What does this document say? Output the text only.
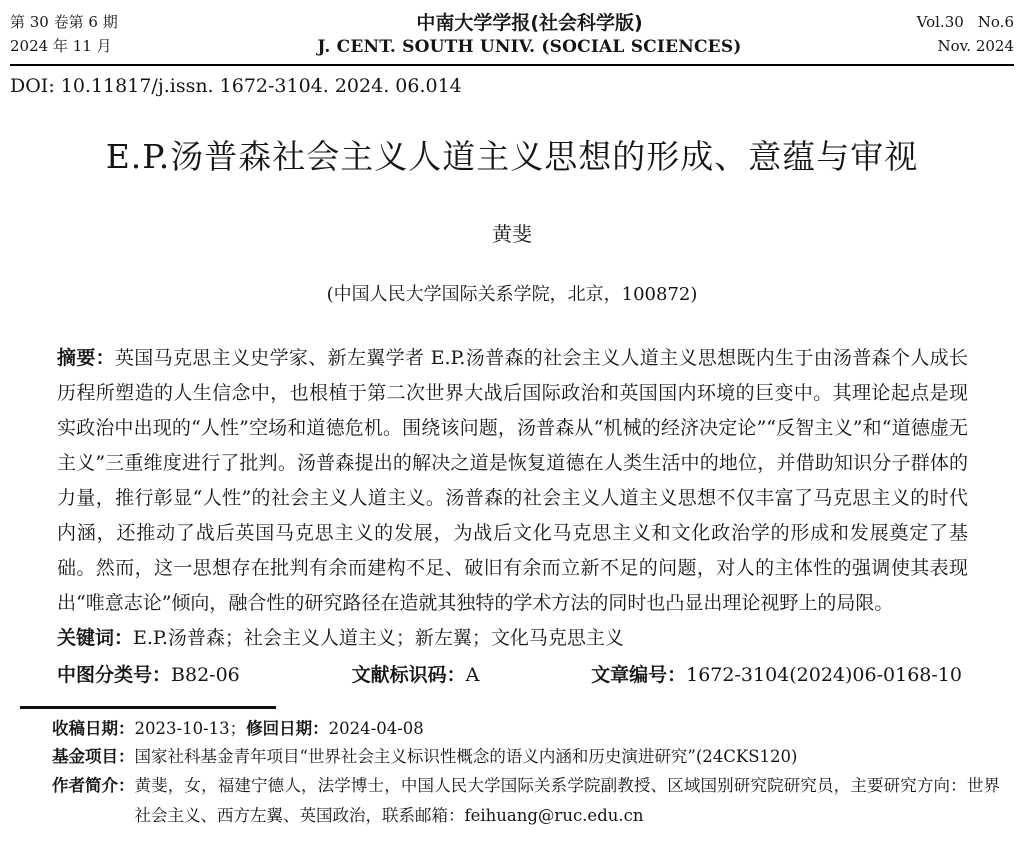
第 30 卷第 6 期
2024 年 11 月
中南大学学报(社会科学版)
J. CENT. SOUTH UNIV. (SOCIAL SCIENCES)
Vol.30 No.6
Nov. 2024
DOI: 10.11817/j.issn. 1672-3104. 2024. 06.014
E.P.汤普森社会主义人道主义思想的形成、意蕴与审视
黄斐
(中国人民大学国际关系学院，北京，100872)

摘要：英国马克思主义史学家、新左翼学者 E.P.汤普森的社会主义人道主义思想既内生于由汤普森个人成长历程所塑造的人生信念中，也根植于第二次世界大战后国际政治和英国国内环境的巨变中。其理论起点是现实政治中出现的“人性”空场和道德危机。围绕该问题，汤普森从“机械的经济决定论”“反智主义”和“道德虚无主义”三重维度进行了批判。汤普森提出的解决之道是恢复道德在人类生活中的地位，并借助知识分子群体的力量，推行彰显“人性”的社会主义人道主义。汤普森的社会主义人道主义思想不仅丰富了马克思主义的时代内涵，还推动了战后英国马克思主义的发展，为战后文化马克思主义和文化政治学的形成和发展奠定了基础。然而，这一思想存在批判有余而建构不足、破旧有余而立新不足的问题，对人的主体性的强调使其表现出“唯意志论”倾向，融合性的研究路径在造就其独特的学术方法的同时也凸显出理论视野上的局限。

关键词：E.P.汤普森；社会主义人道主义；新左翼；文化马克思主义

中图分类号：B82-06	文献标识码：A	文章编号：1672-3104(2024)06-0168-10

收稿日期：2023-10-13；修回日期：2024-04-08

基金项目：国家社科基金青年项目“世界社会主义标识性概念的语义内涵和历史演进研究”(24CKS120)

作者简介： 黄斐，女，福建宁德人，法学博士，中国人民大学国际关系学院副教授、区域国别研究院研究员，主要研究方向：世界社会主义、西方左翼、英国政治，联系邮箱：feihuang@ruc.edu.cn
